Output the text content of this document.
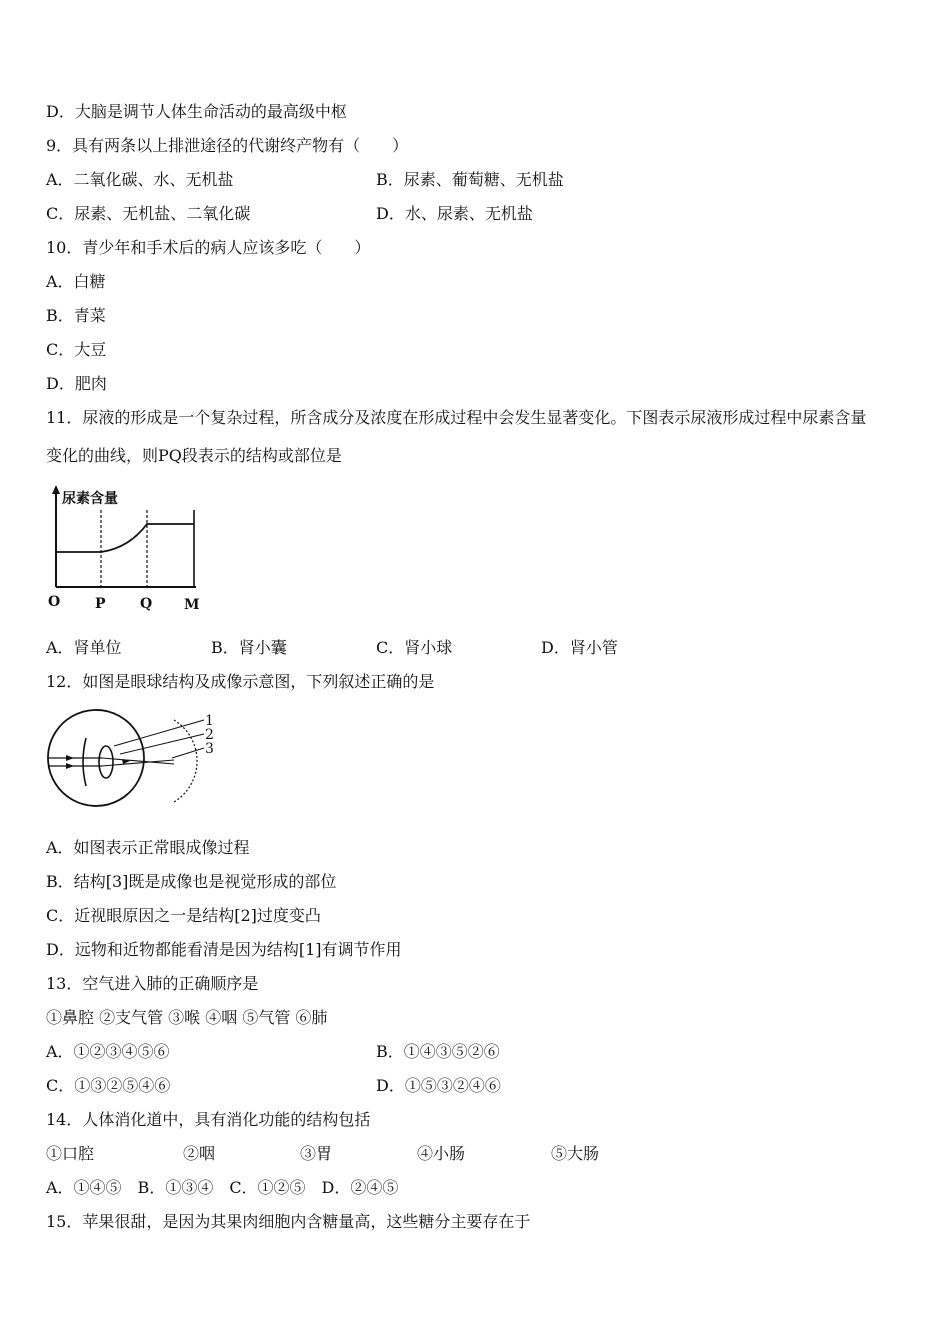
D．大脑是调节人体生命活动的最高级中枢
9．具有两条以上排泄途径的代谢终产物有（　　）
A．二氧化碳、水、无机盐	B．尿素、葡萄糖、无机盐
C．尿素、无机盐、二氧化碳	D．水、尿素、无机盐
10．青少年和手术后的病人应该多吃（　　）
A．白糖
B．青菜
C．大豆
D．肥肉
11．尿液的形成是一个复杂过程，所含成分及浓度在形成过程中会发生显著变化。下图表示尿液形成过程中尿素含量
变化的曲线，则PQ段表示的结构或部位是
尿素含量
O P Q M
A．肾单位	B．肾小囊	C．肾小球	D．肾小管
12．如图是眼球结构及成像示意图，下列叙述正确的是
1
2
3
A．如图表示正常眼成像过程
B．结构[3]既是成像也是视觉形成的部位
C．近视眼原因之一是结构[2]过度变凸
D．远物和近物都能看清是因为结构[1]有调节作用
13．空气进入肺的正确顺序是
①鼻腔 ②支气管 ③喉 ④咽 ⑤气管 ⑥肺
A．①②③④⑤⑥	B．①④③⑤②⑥
C．①③②⑤④⑥	D．①⑤③②④⑥
14．人体消化道中，具有消化功能的结构包括
①口腔	②咽	③胃	④小肠	⑤大肠
A．①④⑤　B．①③④　C．①②⑤　D．②④⑤
15．苹果很甜，是因为其果肉细胞内含糖量高，这些糖分主要存在于
